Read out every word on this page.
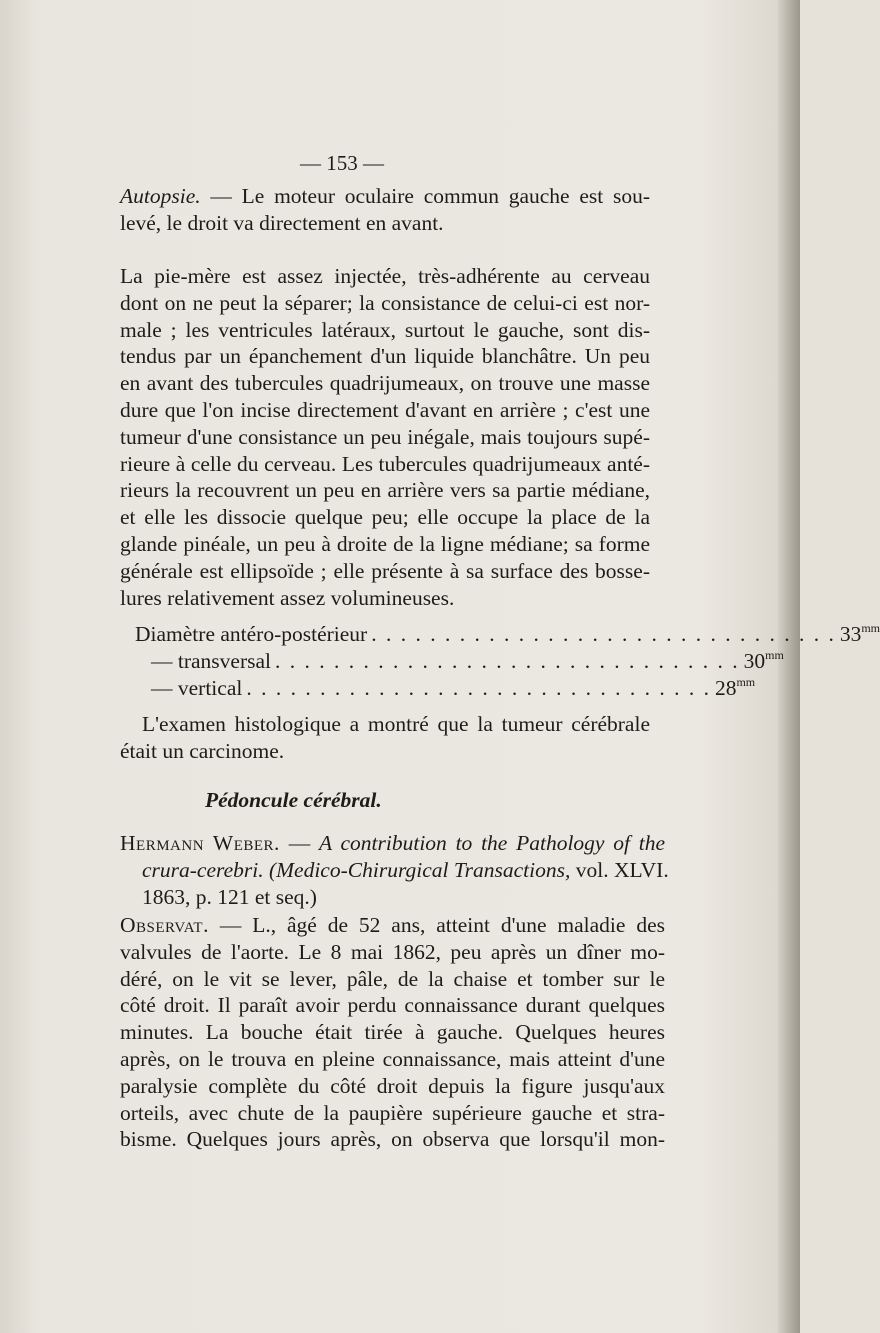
— 153 —
Autopsie. — Le moteur oculaire commun gauche est sou-
levé, le droit va directement en avant.
La pie-mère est assez injectée, très-adhérente au cerveau
dont on ne peut la séparer; la consistance de celui-ci est nor-
male ; les ventricules latéraux, surtout le gauche, sont dis-
tendus par un épanchement d'un liquide blanchâtre. Un peu
en avant des tubercules quadrijumeaux, on trouve une masse
dure que l'on incise directement d'avant en arrière ; c'est une
tumeur d'une consistance un peu inégale, mais toujours supé-
rieure à celle du cerveau. Les tubercules quadrijumeaux anté-
rieurs la recouvrent un peu en arrière vers sa partie médiane,
et elle les dissocie quelque peu; elle occupe la place de la
glande pinéale, un peu à droite de la ligne médiane; sa forme
générale est ellipsoïde ; elle présente à sa surface des bosse-
lures relativement assez volumineuses.
Diamètre antéro-postérieur . . . . . . . . . . . . . . . . . . . . . . . . . . . . . . . . $33^{mm}$
— transversal . . . . . . . . . . . . . . . . . . . . . . . . . . . . . . . . $30^{mm}$
— vertical . . . . . . . . . . . . . . . . . . . . . . . . . . . . . . . . $28^{mm}$
L'examen histologique a montré que la tumeur cérébrale
était un carcinome.
Pédoncule cérébral.
Hermann Weber. — A contribution to the Pathology of the
crura-cerebri. (Medico-Chirurgical Transactions, vol. XLVI.
1863, p. 121 et seq.)
Observat. — L., âgé de 52 ans, atteint d'une maladie des
valvules de l'aorte. Le 8 mai 1862, peu après un dîner mo-
déré, on le vit se lever, pâle, de la chaise et tomber sur le
côté droit. Il paraît avoir perdu connaissance durant quelques
minutes. La bouche était tirée à gauche. Quelques heures
après, on le trouva en pleine connaissance, mais atteint d'une
paralysie complète du côté droit depuis la figure jusqu'aux
orteils, avec chute de la paupière supérieure gauche et stra-
bisme. Quelques jours après, on observa que lorsqu'il mon-
